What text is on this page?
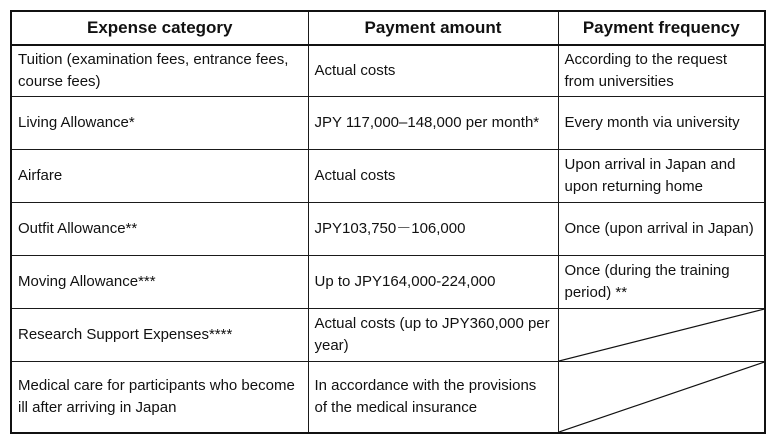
Expense category	Payment amount	Payment frequency
Tuition (examination fees, entrance fees, course fees)	Actual costs	According to the request from universities
Living Allowance*	JPY 117,000–148,000 per month*	Every month via university
Airfare	Actual costs	Upon arrival in Japan and upon returning home
Outfit Allowance**	JPY103,750－106,000	Once (upon arrival in Japan)
Moving Allowance***	Up to JPY164,000-224,000	Once (during the training period) **
Research Support Expenses****	Actual costs (up to JPY360,000 per year)	

Medical care for participants who become ill after arriving in Japan	In accordance with the provisions of the medical insurance	
